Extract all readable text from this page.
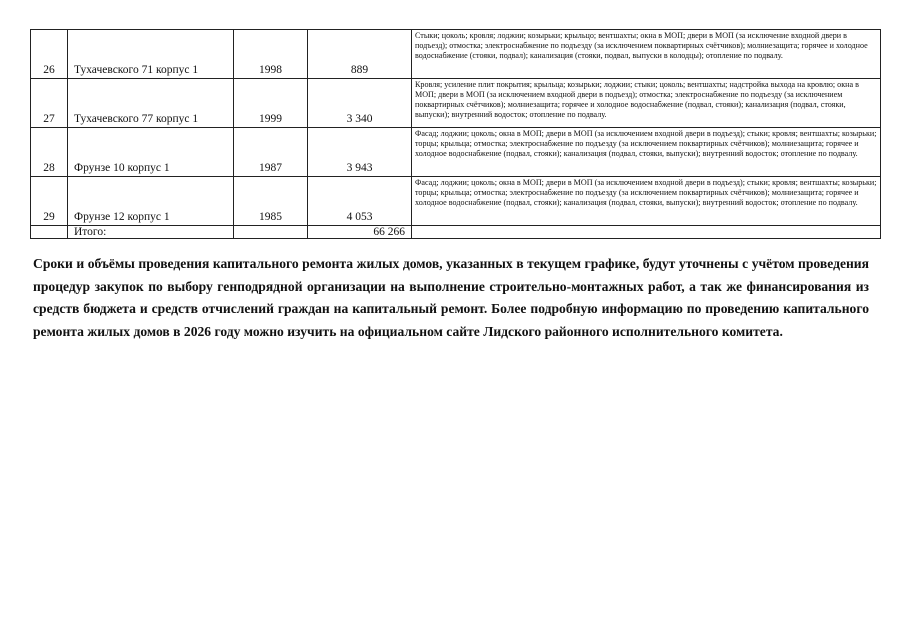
26	Тухачевского 71 корпус 1	1998	889	Стыки; цоколь; кровля; лоджии; козырьки; крыльцо; вентшахты; окна в МОП; двери в МОП (за исключение входной двери в подъезд); отмостка; электроснабжение по подъезду (за исключением поквартирных счётчиков); молниезащита; горячее и холодное водоснабжение (стояки, подвал); канализация (стояки, подвал, выпуски в колодцы); отопление по подвалу.
27	Тухачевского 77 корпус 1	1999	3 340	Кровля; усиление плит покрытия; крыльца; козырьки; лоджии; стыки; цоколь; вентшахты; надстройка выхода на кровлю; окна в МОП; двери в МОП (за исключением входной двери в подъезд); отмостка; электроснабжение по подъезду (за исключением поквартирных счётчиков); молниезащита; горячее и холодное водоснабжение (подвал, стояки); канализация (подвал, стояки, выпуски); внутренний водосток; отопление по подвалу.
28	Фрунзе 10 корпус 1	1987	3 943	Фасад; лоджии; цоколь; окна в МОП; двери в МОП (за исключением входной двери в подъезд); стыки; кровля; вентшахты; козырьки; торцы; крыльца; отмостка; электроснабжение по подъезду (за исключением поквартирных счётчиков); молниезащита; горячее и холодное водоснабжение (подвал, стояки); канализация (подвал, стояки, выпуски); внутренний водосток; отопление по подвалу.
29	Фрунзе 12 корпус 1	1985	4 053	Фасад; лоджии; цоколь; окна в МОП; двери в МОП (за исключением входной двери в подъезд); стыки; кровля; вентшахты; козырьки; торцы; крыльца; отмостка; электроснабжение по подъезду (за исключением поквартирных счётчиков); молниезащита; горячее и холодное водоснабжение (подвал, стояки); канализация (подвал, стояки, выпуски); внутренний водосток; отопление по подвалу.
	Итого:		66 266	

Сроки и объёмы проведения капитального ремонта жилых домов, указанных в текущем графике, будут уточнены с учётом проведения процедур закупок по выбору генподрядной организации на выполнение строительно-монтажных работ, а так же финансирования из средств бюджета и средств отчислений граждан на капитальный ремонт. Более подробную информацию по проведению капитального ремонта жилых домов в 2026 году можно изучить на официальном сайте Лидского районного исполнительного комитета.
